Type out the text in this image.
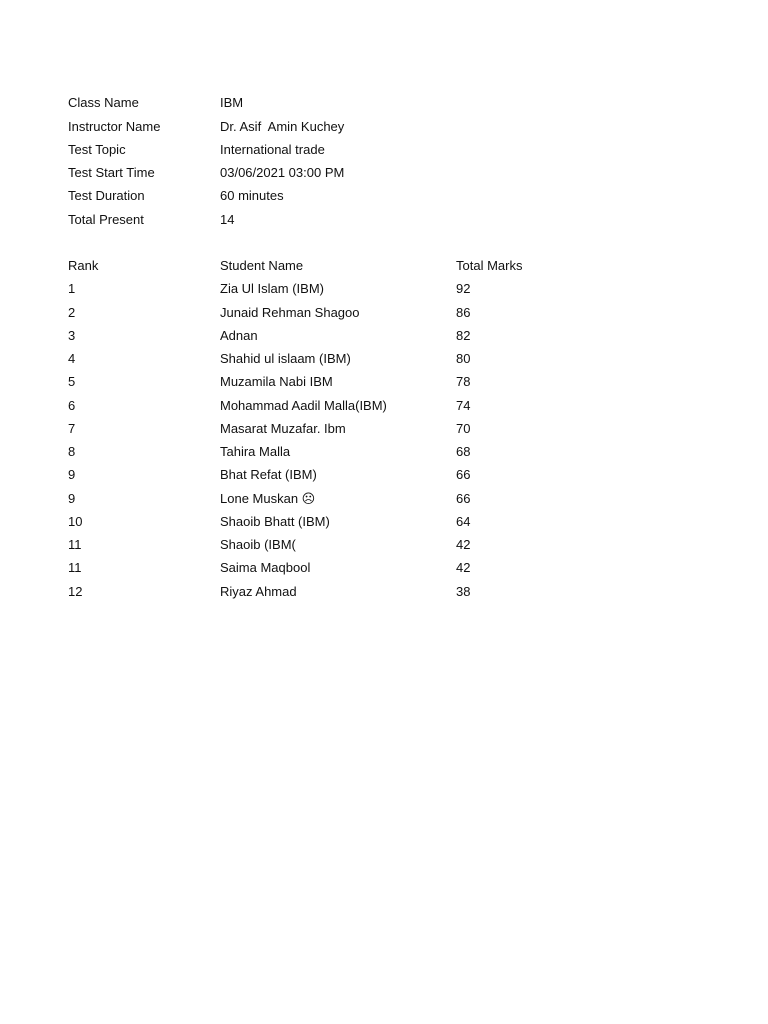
Class Name	IBM
Instructor Name	Dr. Asif  Amin Kuchey
Test Topic	International trade
Test Start Time	03/06/2021 03:00 PM
Test Duration	60 minutes
Total Present	14
Rank	Student Name	Total Marks
1	Zia Ul Islam (IBM)	92
2	Junaid Rehman Shagoo	86
3	Adnan	82
4	Shahid ul islaam (IBM)	80
5	Muzamila Nabi IBM	78
6	Mohammad Aadil Malla(IBM)	74
7	Masarat Muzafar. Ibm	70
8	Tahira Malla	68
9	Bhat Refat (IBM)	66
9	Lone Muskan ☹	66
10	Shaoib Bhatt (IBM)	64
11	Shaoib (IBM(	42
11	Saima Maqbool	42
12	Riyaz Ahmad	38
